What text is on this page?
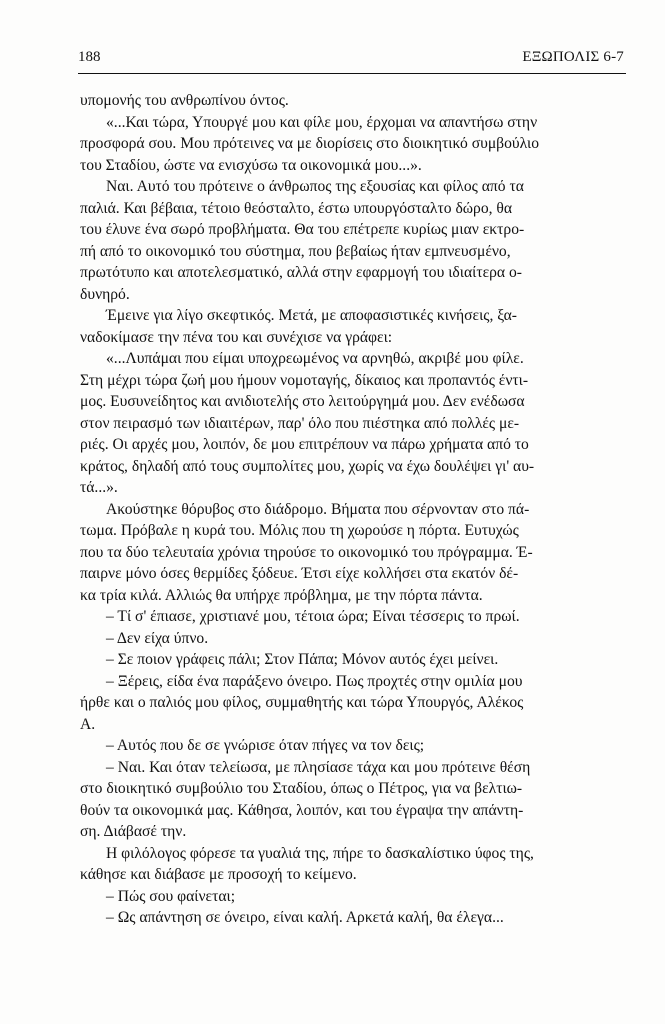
188	ΕΞΩΠΟΛΙΣ 6-7
υπομονής του ανθρωπίνου όντος.
«...Και τώρα, Υπουργέ μου και φίλε μου, έρχομαι να απαντήσω στην
προσφορά σου. Μου πρότεινες να με διορίσεις στο διοικητικό συμβούλιο
του Σταδίου, ώστε να ενισχύσω τα οικονομικά μου...».
Ναι. Αυτό του πρότεινε ο άνθρωπος της εξουσίας και φίλος από τα
παλιά. Και βέβαια, τέτοιο θεόσταλτο, έστω υπουργόσταλτο δώρο, θα
του έλυνε ένα σωρό προβλήματα. Θα του επέτρεπε κυρίως μιαν εκτρο-
πή από το οικονομικό του σύστημα, που βεβαίως ήταν εμπνευσμένο,
πρωτότυπο και αποτελεσματικό, αλλά στην εφαρμογή του ιδιαίτερα ο-
δυνηρό.
Έμεινε για λίγο σκεφτικός. Μετά, με αποφασιστικές κινήσεις, ξα-
ναδοκίμασε την πένα του και συνέχισε να γράφει:
«...Λυπάμαι που είμαι υποχρεωμένος να αρνηθώ, ακριβέ μου φίλε.
Στη μέχρι τώρα ζωή μου ήμουν νομοταγής, δίκαιος και προπαντός έντι-
μος. Ευσυνείδητος και ανιδιοτελής στο λειτούργημά μου. Δεν ενέδωσα
στον πειρασμό των ιδιαιτέρων, παρ' όλο που πιέστηκα από πολλές με-
ριές. Οι αρχές μου, λοιπόν, δε μου επιτρέπουν να πάρω χρήματα από το
κράτος, δηλαδή από τους συμπολίτες μου, χωρίς να έχω δουλέψει γι' αυ-
τά...».
Ακούστηκε θόρυβος στο διάδρομο. Βήματα που σέρνονταν στο πά-
τωμα. Πρόβαλε η κυρά του. Μόλις που τη χωρούσε η πόρτα. Ευτυχώς
που τα δύο τελευταία χρόνια τηρούσε το οικονομικό του πρόγραμμα. Έ-
παιρνε μόνο όσες θερμίδες ξόδευε. Έτσι είχε κολλήσει στα εκατόν δέ-
κα τρία κιλά. Αλλιώς θα υπήρχε πρόβλημα, με την πόρτα πάντα.
– Τί σ' έπιασε, χριστιανέ μου, τέτοια ώρα; Είναι τέσσερις το πρωί.
– Δεν είχα ύπνο.
– Σε ποιον γράφεις πάλι; Στον Πάπα; Μόνον αυτός έχει μείνει.
– Ξέρεις, είδα ένα παράξενο όνειρο. Πως προχτές στην ομιλία μου
ήρθε και ο παλιός μου φίλος, συμμαθητής και τώρα Υπουργός, Αλέκος
Α.
– Αυτός που δε σε γνώρισε όταν πήγες να τον δεις;
– Ναι. Και όταν τελείωσα, με πλησίασε τάχα και μου πρότεινε θέση
στο διοικητικό συμβούλιο του Σταδίου, όπως ο Πέτρος, για να βελτιω-
θούν τα οικονομικά μας. Κάθησα, λοιπόν, και του έγραψα την απάντη-
ση. Διάβασέ την.
Η φιλόλογος φόρεσε τα γυαλιά της, πήρε το δασκαλίστικο ύφος της,
κάθησε και διάβασε με προσοχή το κείμενο.
– Πώς σου φαίνεται;
– Ως απάντηση σε όνειρο, είναι καλή. Αρκετά καλή, θα έλεγα...
